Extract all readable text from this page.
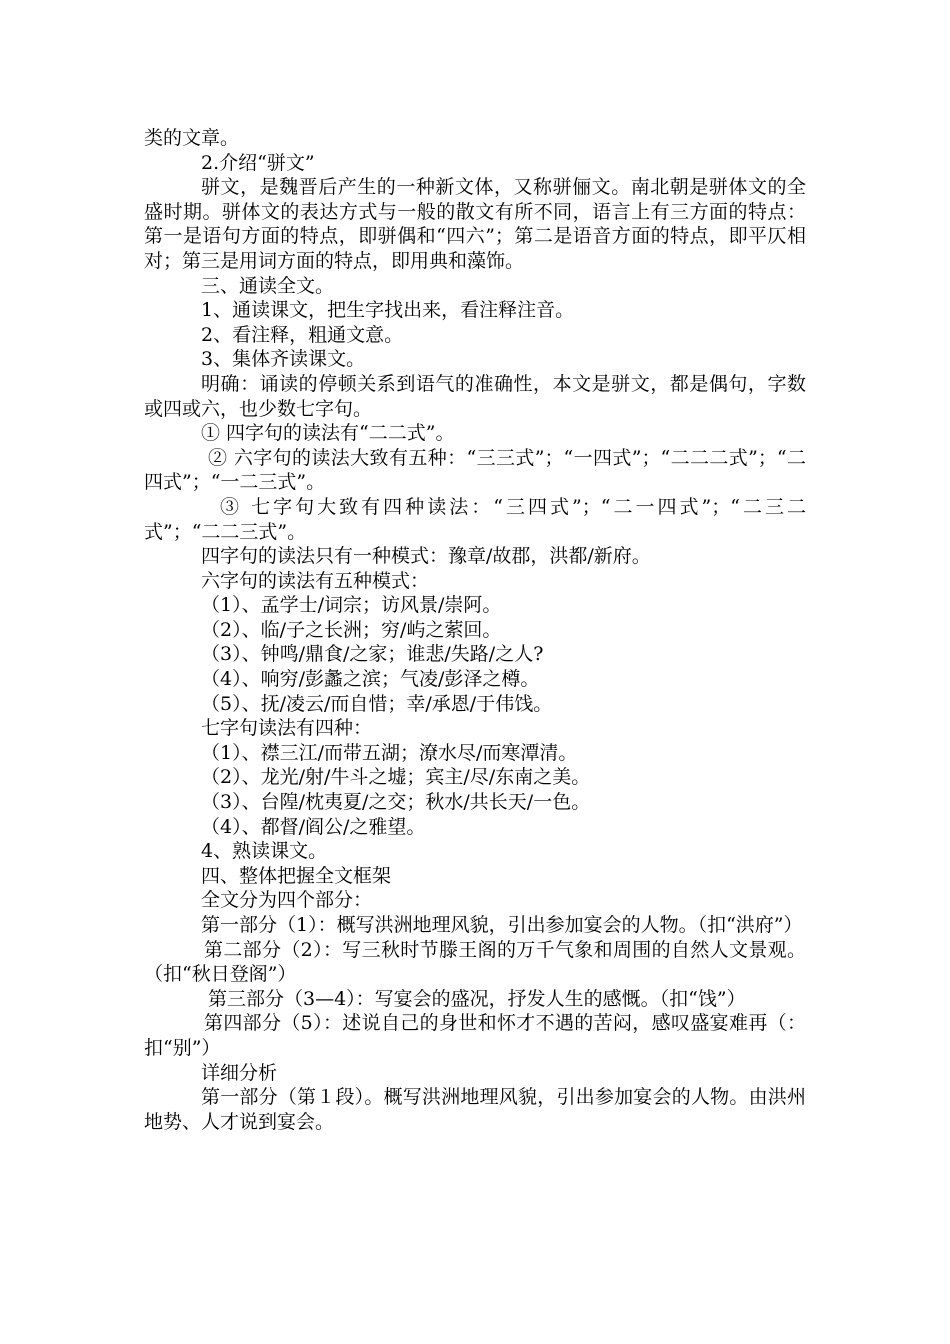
类的文章。

2.介绍“骈文”

骈文，是魏晋后产生的一种新文体，又称骈俪文。南北朝是骈体文的全盛时期。骈体文的表达方式与一般的散文有所不同，语言上有三方面的特点：第一是语句方面的特点，即骈偶和“四六”；第二是语音方面的特点，即平仄相对；第三是用词方面的特点，即用典和藻饰。

三、通读全文。

1、通读课文，把生字找出来，看注释注音。

2、看注释，粗通文意。

3、集体齐读课文。

明确：诵读的停顿关系到语气的准确性，本文是骈文，都是偶句，字数或四或六，也少数七字句。

① 四字句的读法有“二二式”。

② 六字句的读法大致有五种：“三三式”；“一四式”；“二二二式”；“二四式”；“一二三式”。

③ 七字句大致有四种读法：“三四式”；“二一四式”；“二三二式”；“二二三式”。

四字句的读法只有一种模式：豫章/故郡，洪都/新府。

六字句的读法有五种模式：

（1）、孟学士/词宗；访风景/崇阿。

（2）、临/子之长洲；穷/屿之萦回。

（3）、钟鸣/鼎食/之家；谁悲/失路/之人?

（4）、响穷/彭蠡之滨；气凌/彭泽之樽。

（5）、抚/凌云/而自惜；幸/承恩/于伟饯。

七字句读法有四种：

（1）、襟三江/而带五湖；潦水尽/而寒潭清。

（2）、龙光/射/牛斗之墟；宾主/尽/东南之美。

（3）、台隍/枕夷夏/之交；秋水/共长天/一色。

（4）、都督/阎公/之雅望。

4、熟读课文。

四、整体把握全文框架

全文分为四个部分：

第一部分（1）：概写洪洲地理风貌，引出参加宴会的人物。（扣“洪府”）

第二部分（2）：写三秋时节滕王阁的万千气象和周围的自然人文景观。（扣“秋日登阁”）

第三部分（3—4）：写宴会的盛况，抒发人生的感慨。（扣“饯”）

第四部分（5）：述说自己的身世和怀才不遇的苦闷，感叹盛宴难再（：扣“别”）

详细分析

第一部分（第１段）。概写洪洲地理风貌，引出参加宴会的人物。由洪州地势、人才说到宴会。
